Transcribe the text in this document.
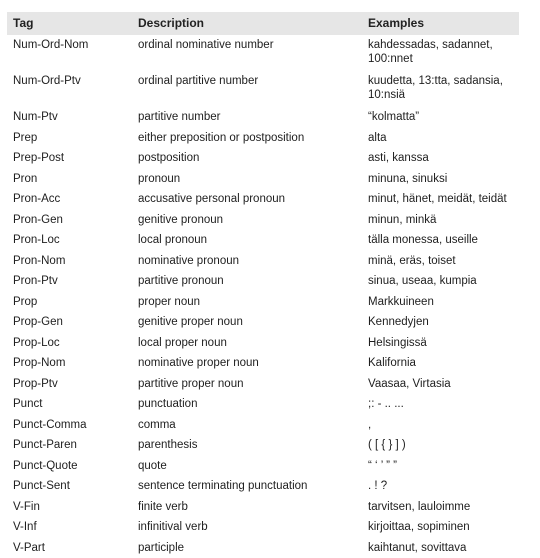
Tag	Description	Examples
Num-Ord-Nom	ordinal nominative number	kahdessadas, sadannet,
100:nnet
Num-Ord-Ptv	ordinal partitive number	kuudetta, 13:tta, sadansia,
10:nsiä
Num-Ptv	partitive number	“kolmatta”
Prep	either preposition or postposition	alta
Prep-Post	postposition	asti, kanssa
Pron	pronoun	minuna, sinuksi
Pron-Acc	accusative personal pronoun	minut, hänet, meidät, teidät
Pron-Gen	genitive pronoun	minun, minkä
Pron-Loc	local pronoun	tälla monessa, useille
Pron-Nom	nominative pronoun	minä, eräs, toiset
Pron-Ptv	partitive pronoun	sinua, useaa, kumpia
Prop	proper noun	Markkuineen
Prop-Gen	genitive proper noun	Kennedyjen
Prop-Loc	local proper noun	Helsingissä
Prop-Nom	nominative proper noun	Kalifornia
Prop-Ptv	partitive proper noun	Vaasaa, Virtasia
Punct	punctuation	;: - .. ...
Punct-Comma	comma	,
Punct-Paren	parenthesis	( [ { } ] )
Punct-Quote	quote	“ ‘ ’ ” ”
Punct-Sent	sentence terminating punctuation	. ! ?
V-Fin	finite verb	tarvitsen, lauloimme
V-Inf	infinitival verb	kirjoittaa, sopiminen
V-Part	participle	kaihtanut, sovittava
